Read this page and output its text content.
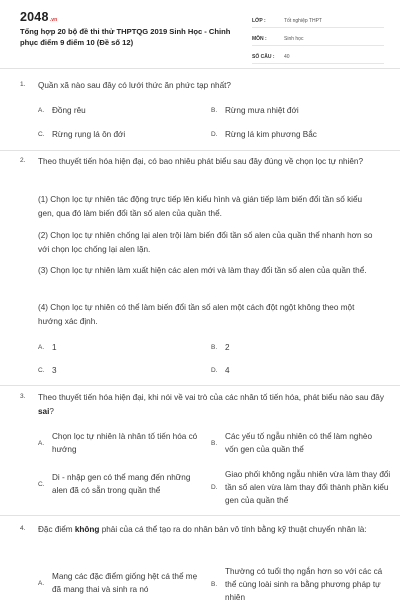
2048.vn
Tổng hợp 20 bộ đề thi thử THPTQG 2019 Sinh Học - Chinh phục điểm 9 điểm 10 (Đề số 12)
LỚP :	Tốt nghiệp THPT
MÔN :	Sinh học
SỐ CÂU :	40
1.	Quần xã nào sau đây có lưới thức ăn phức tạp nhất?
A. Đồng rêu	B. Rừng mưa nhiệt đới
C. Rừng rụng lá ôn đới	D. Rừng lá kim phương Bắc
2.	Theo thuyết tiến hóa hiện đại, có bao nhiêu phát biểu sau đây đúng về chọn lọc tự nhiên?
(1) Chọn lọc tự nhiên tác động trực tiếp lên kiểu hình và gián tiếp làm biến đổi tần số kiểu gen, qua đó làm biến đổi tần số alen của quần thể.
(2) Chọn lọc tự nhiên chống lại alen trội làm biến đổi tần số alen của quần thể nhanh hơn so với chọn lọc chống lại alen lặn.
(3) Chọn lọc tự nhiên làm xuất hiện các alen mới và làm thay đổi tần số alen của quần thể.
(4) Chọn lọc tự nhiên có thể làm biến đổi tần số alen một cách đột ngột không theo một hướng xác định.
A. 1	B. 2
C. 3	D. 4
3.	Theo thuyết tiến hóa hiện đại, khi nói về vai trò của các nhân tố tiến hóa, phát biểu nào sau đây sai?
A.
Chọn lọc tự nhiên là nhân tố tiến hóa có hướng
B.
Các yếu tố ngẫu nhiên có thể làm nghèo vốn gen của quần thể
C.
Di - nhập gen có thể mang đến những alen đã có sẵn trong quần thể	D.
Giao phối không ngẫu nhiên vừa làm thay đổi tần số alen vừa làm thay đổi thành phần kiểu gen của quần thể
4.	Đặc điểm không phải của cá thể tạo ra do nhân bản vô tính bằng kỹ thuật chuyển nhân là:
A.
Mang các đặc điểm giống hệt cá thể mẹ đã mang thai và sinh ra nó
B.
Thường có tuổi thọ ngắn hơn so với các cá thể cùng loài sinh ra bằng phương pháp tự nhiên
